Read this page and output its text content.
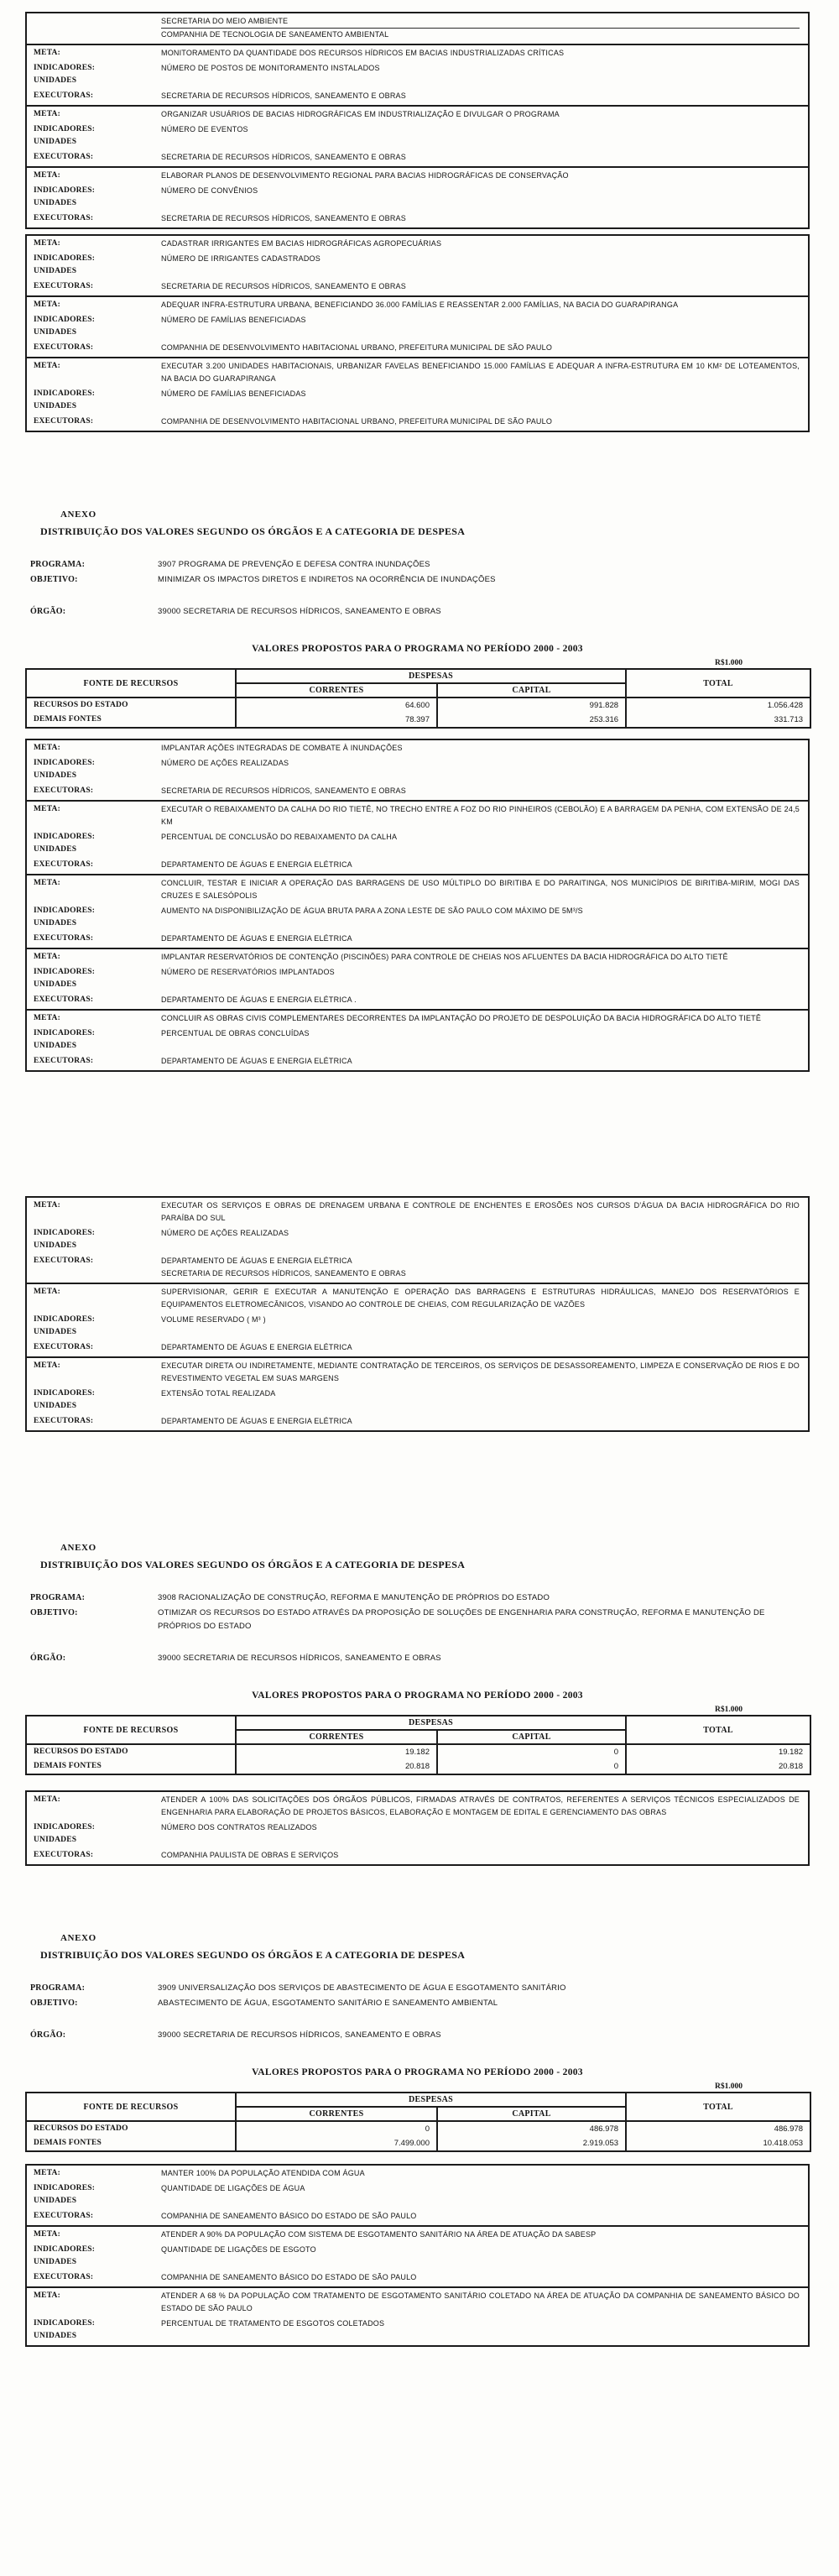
SECRETARIA DO MEIO AMBIENTE
COMPANHIA DE TECNOLOGIA DE SANEAMENTO AMBIENTAL
META:	MONITORAMENTO DA QUANTIDADE DOS RECURSOS HÍDRICOS EM BACIAS INDUSTRIALIZADAS CRÍTICAS
INDICADORES:	NÚMERO DE POSTOS DE MONITORAMENTO INSTALADOS
UNIDADES
EXECUTORAS:	SECRETARIA DE RECURSOS HÍDRICOS, SANEAMENTO E OBRAS
META:	ORGANIZAR USUÁRIOS DE BACIAS HIDROGRÁFICAS EM INDUSTRIALIZAÇÃO E DIVULGAR O PROGRAMA
INDICADORES:	NÚMERO DE EVENTOS
UNIDADES
EXECUTORAS:	SECRETARIA DE RECURSOS HÍDRICOS, SANEAMENTO E OBRAS
META:	ELABORAR PLANOS DE DESENVOLVIMENTO REGIONAL PARA BACIAS HIDROGRÁFICAS DE CONSERVAÇÃO
INDICADORES:	NÚMERO DE CONVÊNIOS
UNIDADES
EXECUTORAS:	SECRETARIA DE RECURSOS HÍDRICOS, SANEAMENTO E OBRAS
META:	CADASTRAR IRRIGANTES EM BACIAS HIDROGRÁFICAS AGROPECUÁRIAS
INDICADORES:	NÚMERO DE IRRIGANTES CADASTRADOS
UNIDADES
EXECUTORAS:	SECRETARIA DE RECURSOS HÍDRICOS, SANEAMENTO E OBRAS
META:	ADEQUAR INFRA-ESTRUTURA URBANA, BENEFICIANDO 36.000 FAMÍLIAS E REASSENTAR 2.000 FAMÍLIAS, NA BACIA DO GUARAPIRANGA
INDICADORES:	NÚMERO DE FAMÍLIAS BENEFICIADAS
UNIDADES
EXECUTORAS:	COMPANHIA DE DESENVOLVIMENTO HABITACIONAL URBANO, PREFEITURA MUNICIPAL DE SÃO PAULO
META:	EXECUTAR 3.200 UNIDADES HABITACIONAIS, URBANIZAR FAVELAS BENEFICIANDO 15.000 FAMÍLIAS E ADEQUAR A INFRA-ESTRUTURA EM 10 KM² DE LOTEAMENTOS, NA BACIA DO GUARAPIRANGA
INDICADORES:	NÚMERO DE FAMÍLIAS BENEFICIADAS
UNIDADES
EXECUTORAS:	COMPANHIA DE DESENVOLVIMENTO HABITACIONAL URBANO, PREFEITURA MUNICIPAL DE SÃO PAULO
ANEXO
DISTRIBUIÇÃO DOS VALORES SEGUNDO OS ÓRGÃOS E A CATEGORIA DE DESPESA
PROGRAMA:	3907 PROGRAMA DE PREVENÇÃO E DEFESA CONTRA INUNDAÇÕES
OBJETIVO:	MINIMIZAR OS IMPACTOS DIRETOS E INDIRETOS NA OCORRÊNCIA DE INUNDAÇÕES
ÓRGÃO:	39000 SECRETARIA DE RECURSOS HÍDRICOS, SANEAMENTO E OBRAS
VALORES PROPOSTOS PARA O PROGRAMA NO PERÍODO 2000 - 2003
R$1.000
FONTE DE RECURSOS	DESPESAS		TOTAL
	CORRENTES	CAPITAL	
RECURSOS DO ESTADO	64.600	991.828	1.056.428
DEMAIS FONTES	78.397	253.316	331.713
META:	IMPLANTAR AÇÕES INTEGRADAS DE COMBATE À INUNDAÇÕES
INDICADORES:	NÚMERO DE AÇÕES REALIZADAS
UNIDADES
EXECUTORAS:	SECRETARIA DE RECURSOS HÍDRICOS, SANEAMENTO E OBRAS
META:	EXECUTAR O REBAIXAMENTO DA CALHA DO RIO TIETÊ, NO TRECHO ENTRE A FOZ DO RIO PINHEIROS (CEBOLÃO) E A BARRAGEM DA PENHA, COM EXTENSÃO DE 24,5 KM
INDICADORES:	PERCENTUAL DE CONCLUSÃO DO REBAIXAMENTO DA CALHA
UNIDADES
EXECUTORAS:	DEPARTAMENTO DE ÁGUAS E ENERGIA ELÉTRICA
META:	CONCLUIR, TESTAR E INICIAR A OPERAÇÃO DAS BARRAGENS DE USO MÚLTIPLO DO BIRITIBA E DO PARAITINGA, NOS MUNICÍPIOS DE BIRITIBA-MIRIM, MOGI DAS CRUZES E SALESÓPOLIS
INDICADORES:	AUMENTO NA DISPONIBILIZAÇÃO DE ÁGUA BRUTA PARA A ZONA LESTE DE SÃO PAULO COM MÁXIMO DE 5M³/S
UNIDADES
EXECUTORAS:	DEPARTAMENTO DE ÁGUAS E ENERGIA ELÉTRICA
META:	IMPLANTAR RESERVATÓRIOS DE CONTENÇÃO (PISCINÕES) PARA CONTROLE DE CHEIAS NOS AFLUENTES DA BACIA HIDROGRÁFICA DO ALTO TIETÊ
INDICADORES:	NÚMERO DE RESERVATÓRIOS IMPLANTADOS
UNIDADES
EXECUTORAS:	DEPARTAMENTO DE ÁGUAS E ENERGIA ELÉTRICA .
META:	CONCLUIR AS OBRAS CIVIS COMPLEMENTARES DECORRENTES DA IMPLANTAÇÃO DO PROJETO DE DESPOLUIÇÃO DA BACIA HIDROGRÁFICA DO ALTO TIETÊ
INDICADORES:	PERCENTUAL DE OBRAS CONCLUÍDAS
UNIDADES
EXECUTORAS:	DEPARTAMENTO DE ÁGUAS E ENERGIA ELÉTRICA
META:	EXECUTAR OS SERVIÇOS E OBRAS DE DRENAGEM URBANA E CONTROLE DE ENCHENTES E EROSÕES NOS CURSOS D'ÁGUA DA BACIA HIDROGRÁFICA DO RIO PARAÍBA DO SUL
INDICADORES:	NÚMERO DE AÇÕES REALIZADAS
UNIDADES
EXECUTORAS:	DEPARTAMENTO DE ÁGUAS E ENERGIA ELÉTRICA
SECRETARIA DE RECURSOS HÍDRICOS, SANEAMENTO E OBRAS
META:	SUPERVISIONAR, GERIR E EXECUTAR A MANUTENÇÃO E OPERAÇÃO DAS BARRAGENS E ESTRUTURAS HIDRÁULICAS, MANEJO DOS RESERVATÓRIOS E EQUIPAMENTOS ELETROMECÂNICOS, VISANDO AO CONTROLE DE CHEIAS, COM REGULARIZAÇÃO DE VAZÕES
INDICADORES:	VOLUME RESERVADO ( M³ )
UNIDADES
EXECUTORAS:	DEPARTAMENTO DE ÁGUAS E ENERGIA ELÉTRICA
META:	EXECUTAR DIRETA OU INDIRETAMENTE, MEDIANTE CONTRATAÇÃO DE TERCEIROS, OS SERVIÇOS DE DESASSOREAMENTO, LIMPEZA E CONSERVAÇÃO DE RIOS E DO REVESTIMENTO VEGETAL EM SUAS MARGENS
INDICADORES:	EXTENSÃO TOTAL REALIZADA
UNIDADES
EXECUTORAS:	DEPARTAMENTO DE ÁGUAS E ENERGIA ELÉTRICA
ANEXO
DISTRIBUIÇÃO DOS VALORES SEGUNDO OS ÓRGÃOS E A CATEGORIA DE DESPESA
PROGRAMA:	3908 RACIONALIZAÇÃO DE CONSTRUÇÃO, REFORMA E MANUTENÇÃO DE PRÓPRIOS DO ESTADO
OBJETIVO:	OTIMIZAR OS RECURSOS DO ESTADO ATRAVÉS DA PROPOSIÇÃO DE SOLUÇÕES DE ENGENHARIA PARA CONSTRUÇÃO, REFORMA E MANUTENÇÃO DE PRÓPRIOS DO ESTADO
ÓRGÃO:	39000 SECRETARIA DE RECURSOS HÍDRICOS, SANEAMENTO E OBRAS
VALORES PROPOSTOS PARA O PROGRAMA NO PERÍODO 2000 - 2003
R$1.000
FONTE DE RECURSOS	DESPESAS		TOTAL
	CORRENTES	CAPITAL	
RECURSOS DO ESTADO	19.182	0	19.182
DEMAIS FONTES	20.818	0	20.818
META:	ATENDER A 100% DAS SOLICITAÇÕES DOS ÓRGÃOS PÚBLICOS, FIRMADAS ATRAVÉS DE CONTRATOS, REFERENTES A SERVIÇOS TÉCNICOS ESPECIALIZADOS DE ENGENHARIA PARA ELABORAÇÃO DE PROJETOS BÁSICOS, ELABORAÇÃO E MONTAGEM DE EDITAL E GERENCIAMENTO DAS OBRAS
INDICADORES:	NÚMERO DOS CONTRATOS REALIZADOS
UNIDADES
EXECUTORAS:	COMPANHIA PAULISTA DE OBRAS E SERVIÇOS
ANEXO
DISTRIBUIÇÃO DOS VALORES SEGUNDO OS ÓRGÃOS E A CATEGORIA DE DESPESA
PROGRAMA:	3909 UNIVERSALIZAÇÃO DOS SERVIÇOS DE ABASTECIMENTO DE ÁGUA E ESGOTAMENTO SANITÁRIO
OBJETIVO:	ABASTECIMENTO DE ÁGUA, ESGOTAMENTO SANITÁRIO E SANEAMENTO AMBIENTAL
ÓRGÃO:	39000 SECRETARIA DE RECURSOS HÍDRICOS, SANEAMENTO E OBRAS
VALORES PROPOSTOS PARA O PROGRAMA NO PERÍODO 2000 - 2003
R$1.000
FONTE DE RECURSOS	DESPESAS		TOTAL
	CORRENTES	CAPITAL	
RECURSOS DO ESTADO	0	486.978	486.978
DEMAIS FONTES	7.499.000	2.919.053	10.418.053
META:	MANTER 100% DA POPULAÇÃO ATENDIDA COM ÁGUA
INDICADORES:	QUANTIDADE DE LIGAÇÕES DE ÁGUA
UNIDADES
EXECUTORAS:	COMPANHIA DE SANEAMENTO BÁSICO DO ESTADO DE SÃO PAULO
META:	ATENDER A 90% DA POPULAÇÃO COM SISTEMA DE ESGOTAMENTO SANITÁRIO NA ÁREA DE ATUAÇÃO DA SABESP
INDICADORES:	QUANTIDADE DE LIGAÇÕES DE ESGOTO
UNIDADES
EXECUTORAS:	COMPANHIA DE SANEAMENTO BÁSICO DO ESTADO DE SÃO PAULO
META:	ATENDER A 68 % DA POPULAÇÃO COM TRATAMENTO DE ESGOTAMENTO SANITÁRIO COLETADO NA ÁREA DE ATUAÇÃO DA COMPANHIA DE SANEAMENTO BÁSICO DO ESTADO DE SÃO PAULO
INDICADORES:	PERCENTUAL DE TRATAMENTO DE ESGOTOS COLETADOS
UNIDADES
